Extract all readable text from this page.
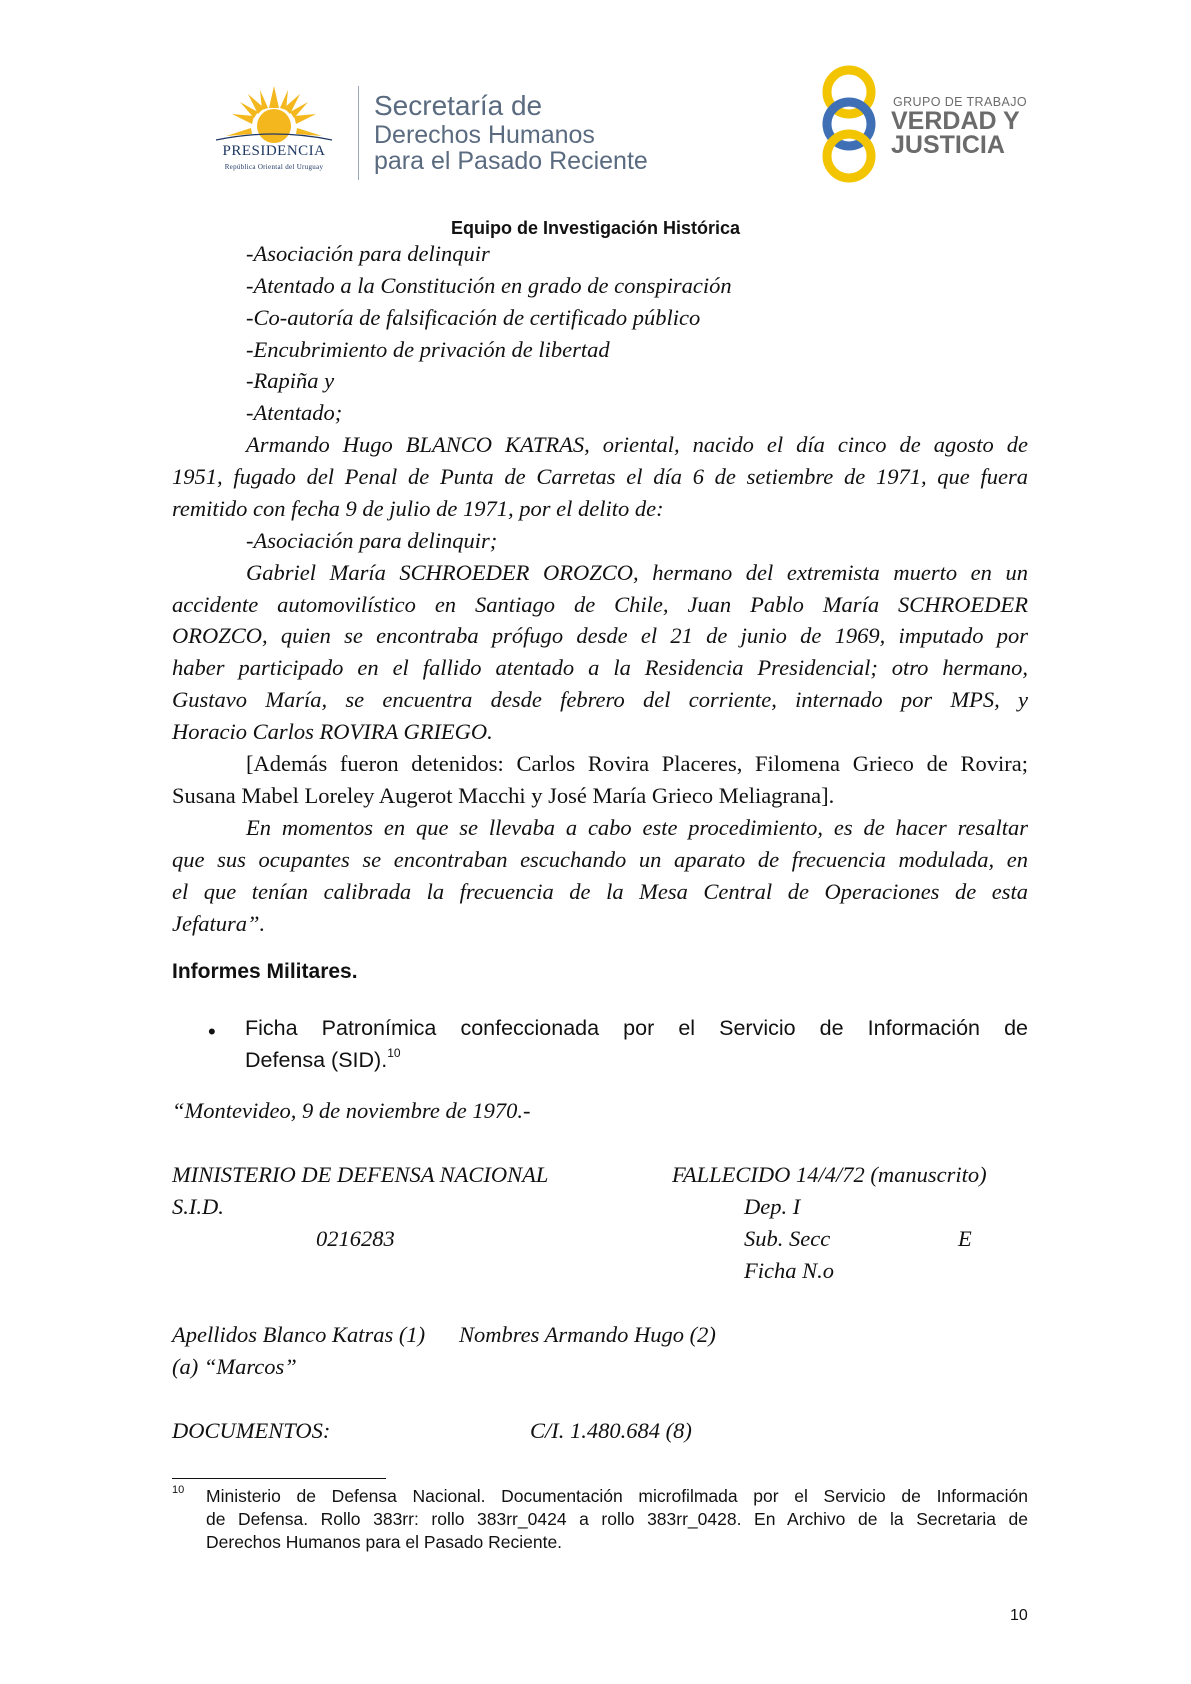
PRESIDENCIA
República Oriental del Uruguay
Secretaría de
Derechos Humanos
para el Pasado Reciente
GRUPO DE TRABAJO
VERDAD Y
JUSTICIA
Equipo de Investigación Histórica
-Asociación para delinquir
-Atentado a la Constitución en grado de conspiración
-Co-autoría de falsificación de certificado público
-Encubrimiento de privación de libertad
-Rapiña y
-Atentado;
Armando Hugo BLANCO KATRAS, oriental, nacido el día cinco de agosto de
1951, fugado del Penal de Punta de Carretas el día 6 de setiembre de 1971, que fuera
remitido con fecha 9 de julio de 1971, por el delito de:
-Asociación para delinquir;
Gabriel María SCHROEDER OROZCO, hermano del extremista muerto en un
accidente automovilístico en Santiago de Chile, Juan Pablo María SCHROEDER
OROZCO, quien se encontraba prófugo desde el 21 de junio de 1969, imputado por
haber participado en el fallido atentado a la Residencia Presidencial; otro hermano,
Gustavo María, se encuentra desde febrero del corriente, internado por MPS, y
Horacio Carlos ROVIRA GRIEGO.
[Además fueron detenidos: Carlos Rovira Placeres, Filomena Grieco de Rovira;
Susana Mabel Loreley Augerot Macchi y José María Grieco Meliagrana].
En momentos en que se llevaba a cabo este procedimiento, es de hacer resaltar
que sus ocupantes se encontraban escuchando un aparato de frecuencia modulada, en
el que tenían calibrada la frecuencia de la Mesa Central de Operaciones de esta
Jefatura”.
Informes Militares.
• Ficha Patronímica confeccionada por el Servicio de Información de
Defensa (SID).$^{10}$
“Montevideo, 9 de noviembre de 1970.-
MINISTERIO DE DEFENSA NACIONAL	FALLECIDO 14/4/72 (manuscrito)
S.I.D.	Dep. I
0216283	Sub. Secc	E
Ficha N.o
Apellidos Blanco Katras (1) Nombres Armando Hugo (2)
(a) “Marcos”
DOCUMENTOS:	C/I. 1.480.684 (8)
10 Ministerio de Defensa Nacional. Documentación microfilmada por el Servicio de Información
de Defensa. Rollo 383rr: rollo 383rr_0424 a rollo 383rr_0428. En Archivo de la Secretaria de
Derechos Humanos para el Pasado Reciente.
10
